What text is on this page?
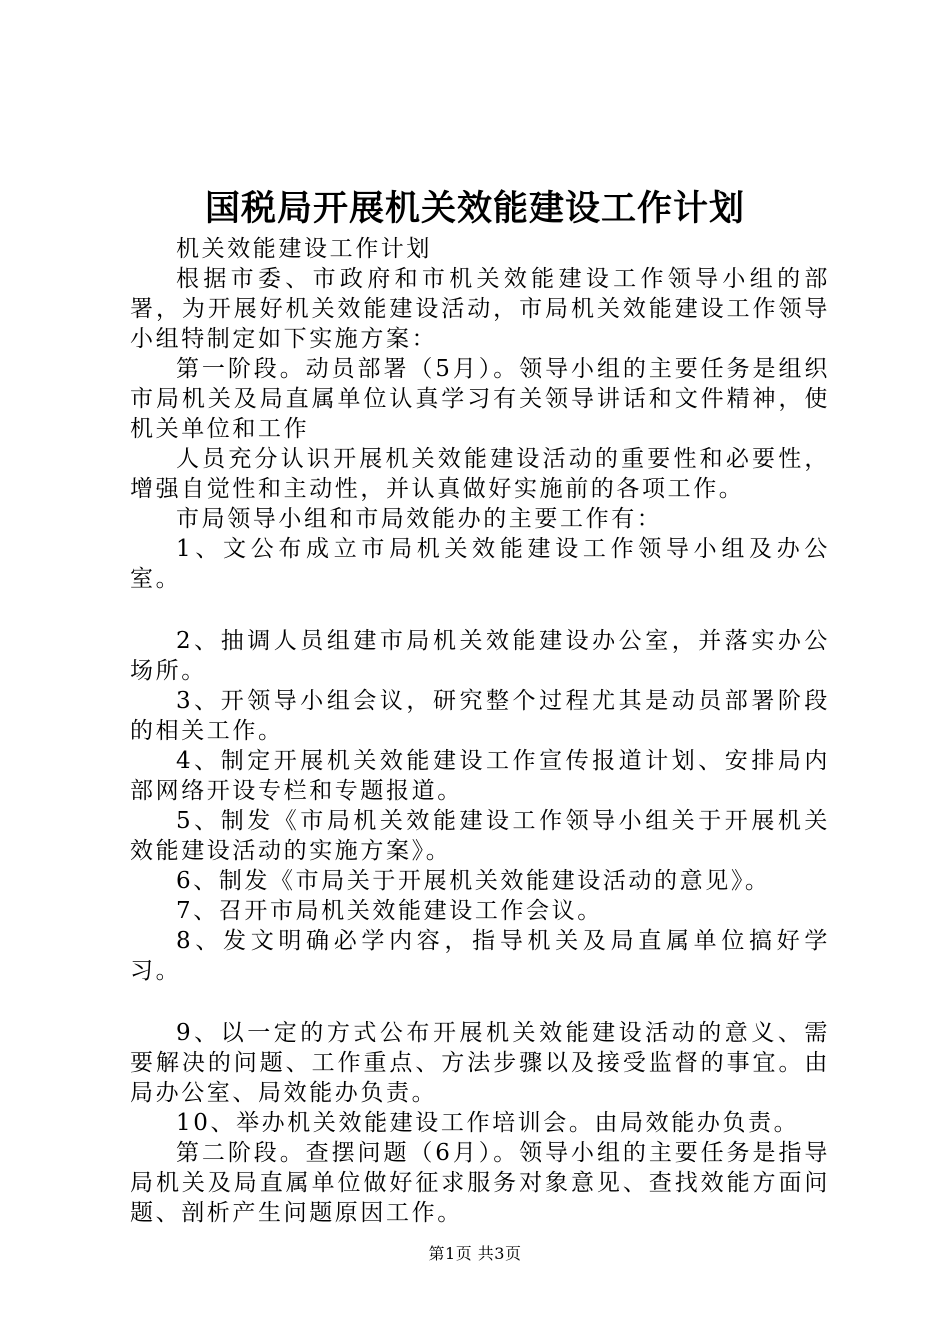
国税局开展机关效能建设工作计划

机关效能建设工作计划

根据市委、市政府和市机关效能建设工作领导小组的部署，为开展好机关效能建设活动，市局机关效能建设工作领导小组特制定如下实施方案：

第一阶段。动员部署（5月）。领导小组的主要任务是组织市局机关及局直属单位认真学习有关领导讲话和文件精神，使机关单位和工作

人员充分认识开展机关效能建设活动的重要性和必要性，增强自觉性和主动性，并认真做好实施前的各项工作。

市局领导小组和市局效能办的主要工作有：

1、文公布成立市局机关效能建设工作领导小组及办公室。

2、抽调人员组建市局机关效能建设办公室，并落实办公场所。

3、开领导小组会议，研究整个过程尤其是动员部署阶段的相关工作。

4、制定开展机关效能建设工作宣传报道计划、安排局内部网络开设专栏和专题报道。

5、制发《市局机关效能建设工作领导小组关于开展机关效能建设活动的实施方案》。

6、制发《市局关于开展机关效能建设活动的意见》。

7、召开市局机关效能建设工作会议。

8、发文明确必学内容，指导机关及局直属单位搞好学习。

9、以一定的方式公布开展机关效能建设活动的意义、需要解决的问题、工作重点、方法步骤以及接受监督的事宜。由局办公室、局效能办负责。

10、举办机关效能建设工作培训会。由局效能办负责。

第二阶段。查摆问题（6月）。领导小组的主要任务是指导局机关及局直属单位做好征求服务对象意见、查找效能方面问题、剖析产生问题原因工作。

第1页 共3页
